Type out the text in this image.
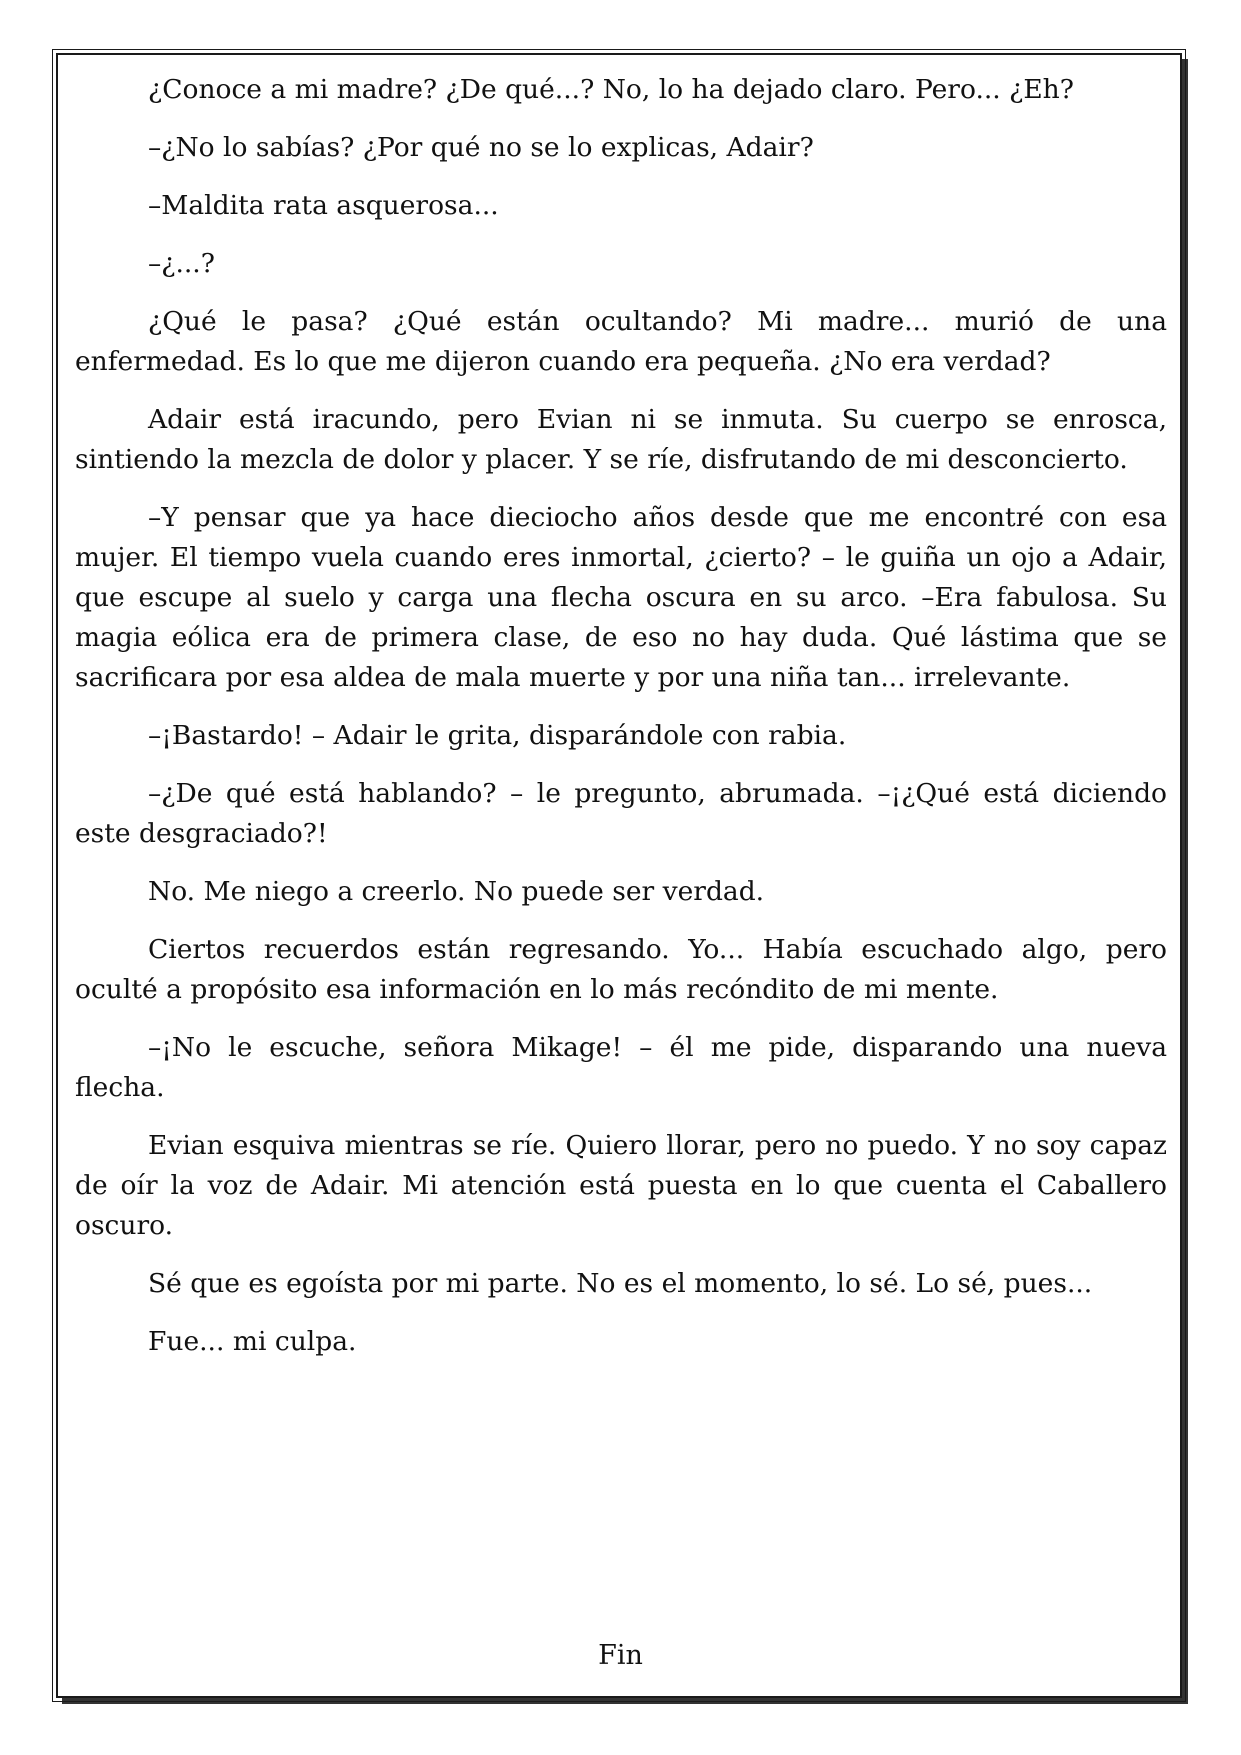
¿Conoce a mi madre? ¿De qué...? No, lo ha dejado claro. Pero... ¿Eh?

–¿No lo sabías? ¿Por qué no se lo explicas, Adair?

–Maldita rata asquerosa...

–¿...?

¿Qué le pasa? ¿Qué están ocultando? Mi madre... murió de una enfermedad. Es lo que me dijeron cuando era pequeña. ¿No era verdad?

Adair está iracundo, pero Evian ni se inmuta. Su cuerpo se enrosca, sintiendo la mezcla de dolor y placer. Y se ríe, disfrutando de mi desconcierto.

–Y pensar que ya hace dieciocho años desde que me encontré con esa mujer. El tiempo vuela cuando eres inmortal, ¿cierto? – le guiña un ojo a Adair, que escupe al suelo y carga una flecha oscura en su arco. –Era fabulosa. Su magia eólica era de primera clase, de eso no hay duda. Qué lástima que se sacrificara por esa aldea de mala muerte y por una niña tan... irrelevante.

–¡Bastardo! – Adair le grita, disparándole con rabia.

–¿De qué está hablando? – le pregunto, abrumada. –¡¿Qué está diciendo este desgraciado?!

No. Me niego a creerlo. No puede ser verdad.

Ciertos recuerdos están regresando. Yo... Había escuchado algo, pero oculté a propósito esa información en lo más recóndito de mi mente.

–¡No le escuche, señora Mikage! – él me pide, disparando una nueva flecha.

Evian esquiva mientras se ríe. Quiero llorar, pero no puedo. Y no soy capaz de oír la voz de Adair. Mi atención está puesta en lo que cuenta el Caballero oscuro.

Sé que es egoísta por mi parte. No es el momento, lo sé. Lo sé, pues...

Fue... mi culpa.

Fin
